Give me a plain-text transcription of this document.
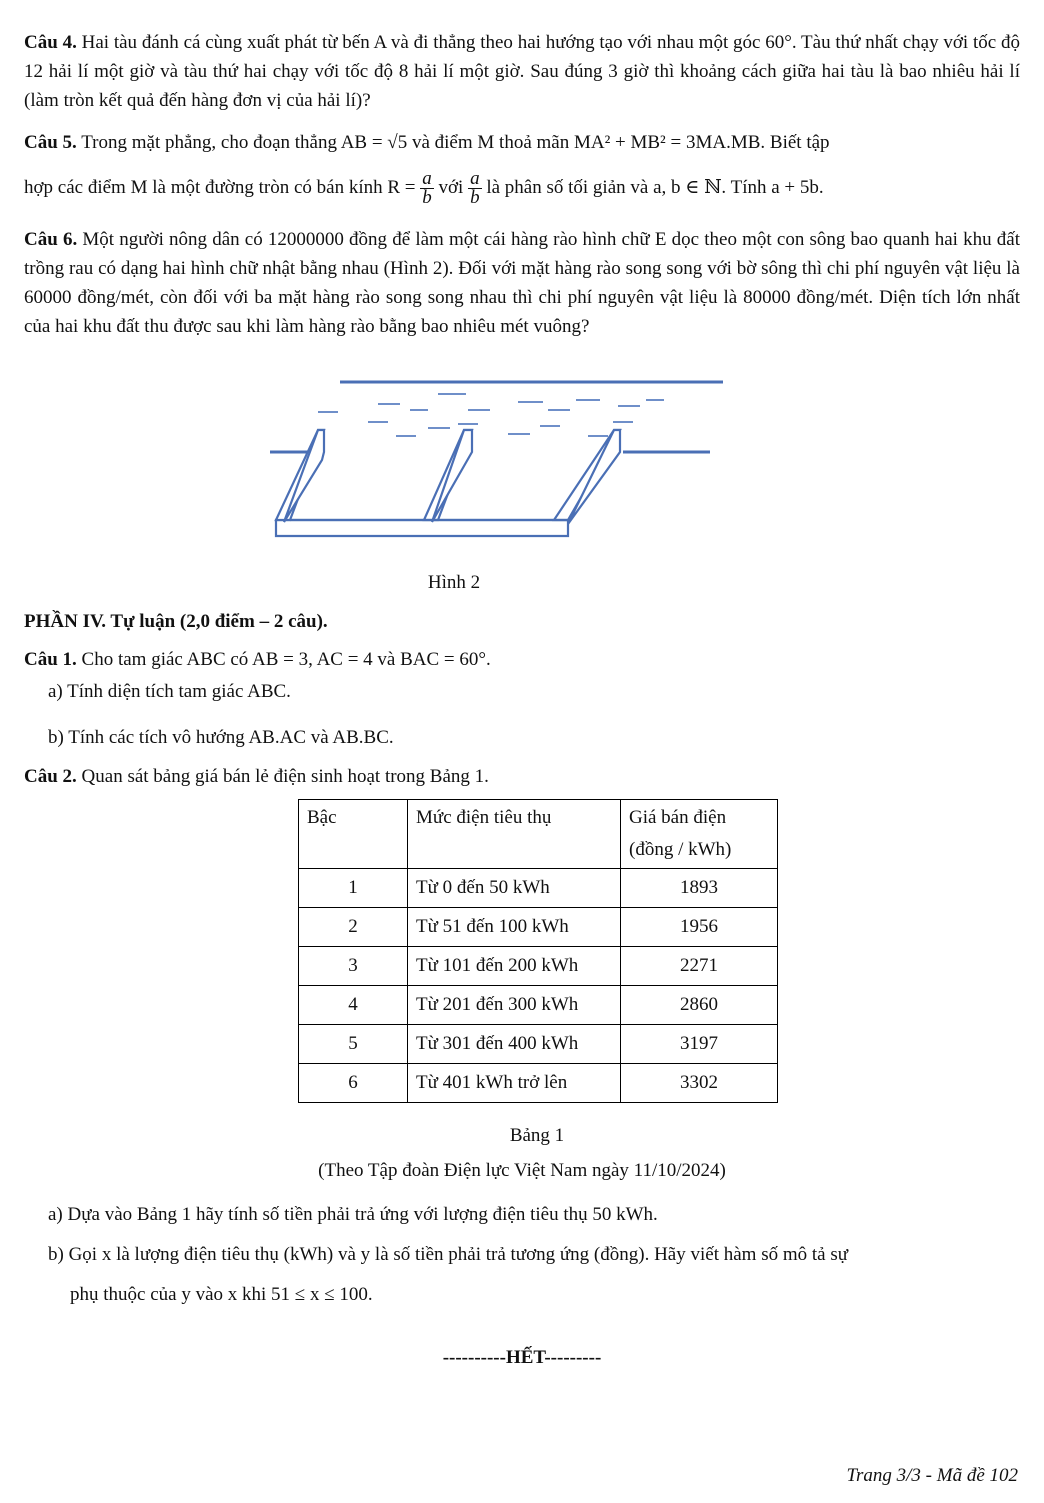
Câu 4. Hai tàu đánh cá cùng xuất phát từ bến A và đi thẳng theo hai hướng tạo với nhau một góc 60°. Tàu thứ nhất chạy với tốc độ 12 hải lí một giờ và tàu thứ hai chạy với tốc độ 8 hải lí một giờ. Sau đúng 3 giờ thì khoảng cách giữa hai tàu là bao nhiêu hải lí (làm tròn kết quả đến hàng đơn vị của hải lí)?

Câu 5. Trong mặt phẳng, cho đoạn thẳng AB = √5 và điểm M thoả mãn MA² + MB² = 3MA.MB. Biết tập

hợp các điểm M là một đường tròn có bán kính $R = \frac{a}{b}$ với $\frac{a}{b}$ là phân số tối giản và a, b ∈ ℕ. Tính a + 5b.

Câu 6. Một người nông dân có 12000000 đồng để làm một cái hàng rào hình chữ E dọc theo một con sông bao quanh hai khu đất trồng rau có dạng hai hình chữ nhật bằng nhau (Hình 2). Đối với mặt hàng rào song song với bờ sông thì chi phí nguyên vật liệu là 60000 đồng/mét, còn đối với ba mặt hàng rào song song nhau thì chi phí nguyên vật liệu là 80000 đồng/mét. Diện tích lớn nhất của hai khu đất thu được sau khi làm hàng rào bằng bao nhiêu mét vuông?

Hình 2
PHẦN IV. Tự luận (2,0 điểm – 2 câu).

Câu 1. Cho tam giác ABC có AB = 3, AC = 4 và BAC = 60°.

a) Tính diện tích tam giác ABC.

b) Tính các tích vô hướng AB.AC và AB.BC.

Câu 2. Quan sát bảng giá bán lẻ điện sinh hoạt trong Bảng 1.

Bậc	Mức điện tiêu thụ	Giá bán điện
(đồng / kWh)
1	Từ 0 đến 50 kWh	1893
2	Từ 51 đến 100 kWh	1956
3	Từ 101 đến 200 kWh	2271
4	Từ 201 đến 300 kWh	2860
5	Từ 301 đến 400 kWh	3197
6	Từ 401 kWh trở lên	3302
Bảng 1
(Theo Tập đoàn Điện lực Việt Nam ngày 11/10/2024)

a) Dựa vào Bảng 1 hãy tính số tiền phải trả ứng với lượng điện tiêu thụ 50 kWh.

b) Gọi x là lượng điện tiêu thụ (kWh) và y là số tiền phải trả tương ứng (đồng). Hãy viết hàm số mô tả sự

phụ thuộc của y vào x khi 51 ≤ x ≤ 100.

----------HẾT---------
Trang 3/3 - Mã đề 102
